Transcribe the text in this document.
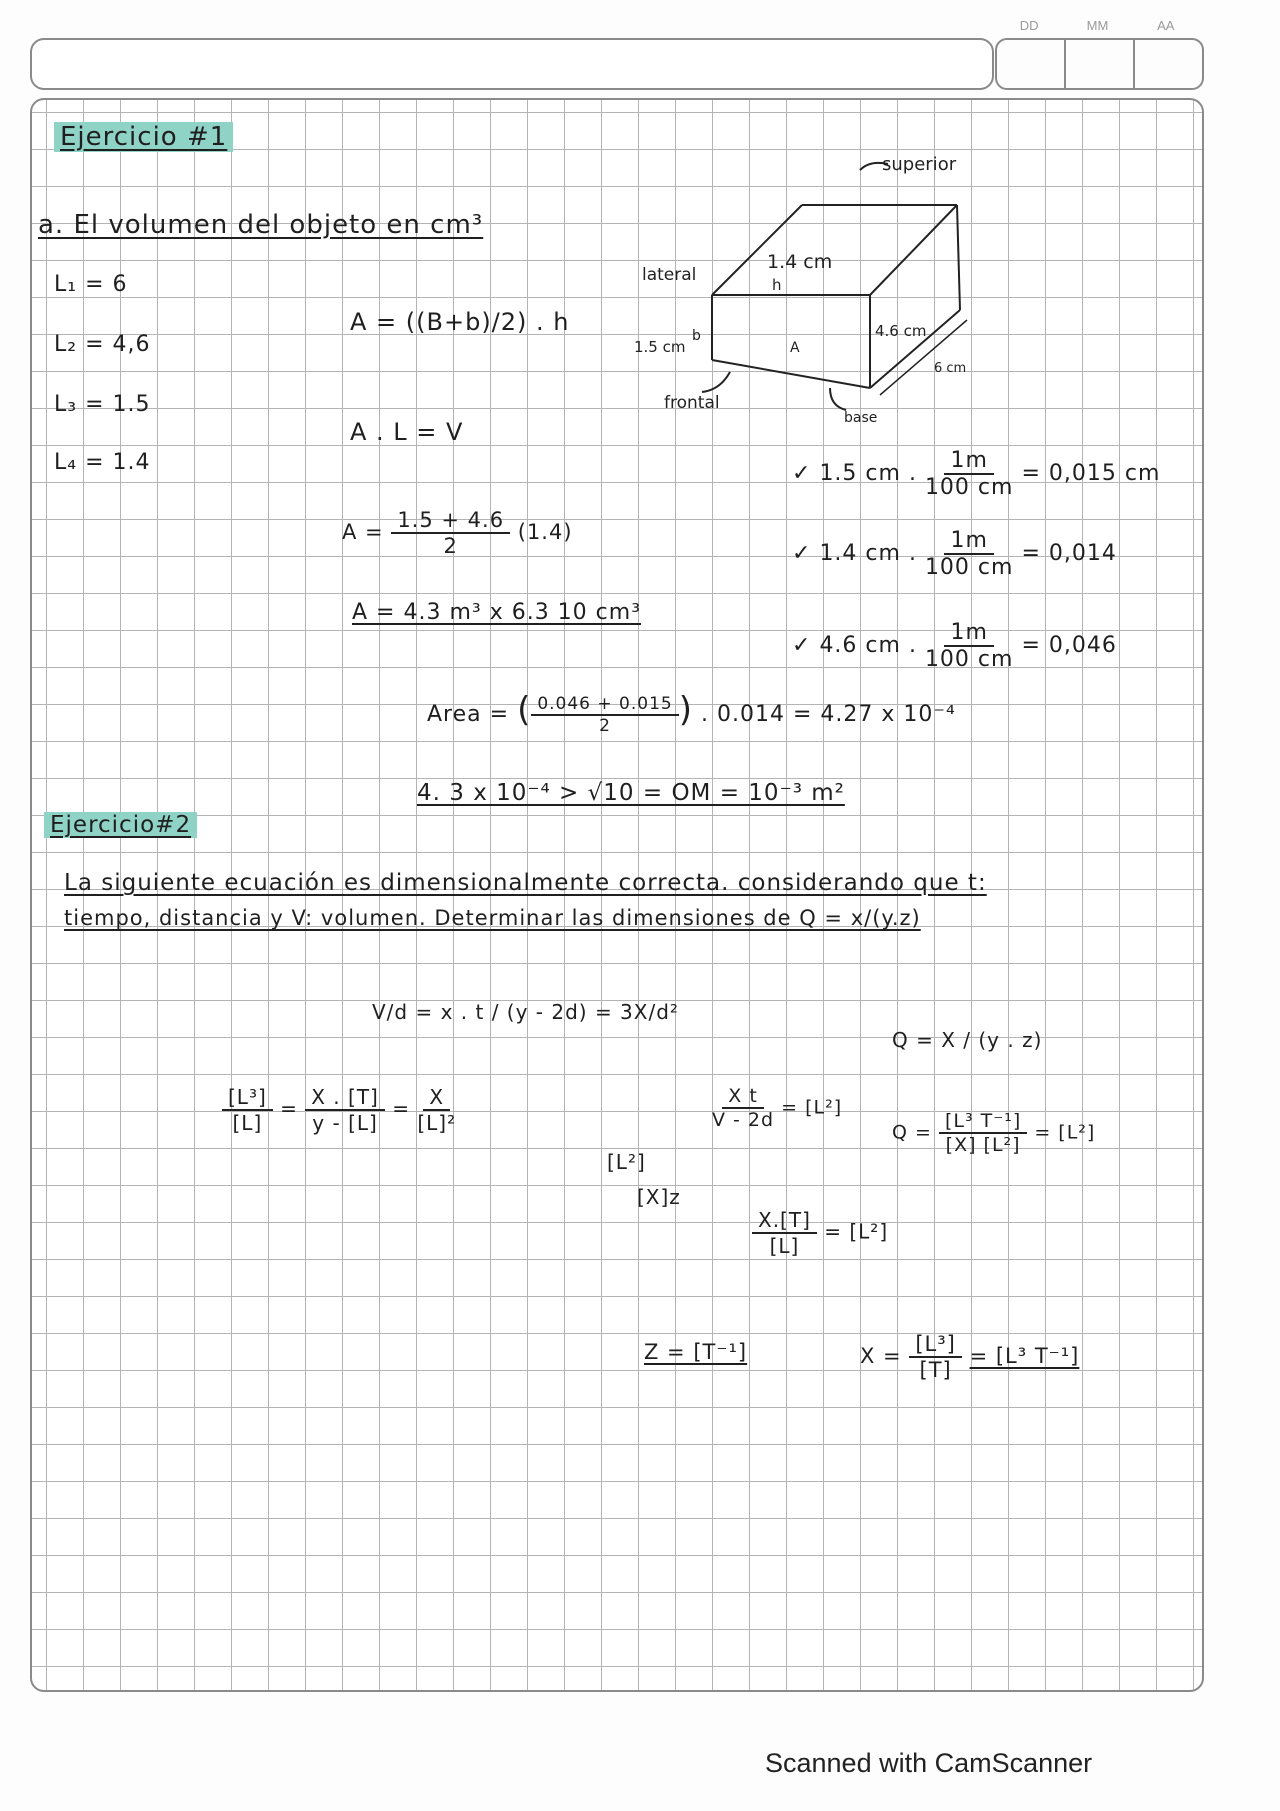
DD	MM	AA
Ejercicio #1
a. El volumen del objeto en cm³
L₁ = 6
L₂ = 4,6
L₃ = 1.5
L₄ = 1.4
A = ((B+b)/2) . h
A . L = V
$A = \frac{1.5 + 4.6}{2} (1.4)$
A = 4.3 m³ x 6.3 10 cm³
superior
lateral
1.4 cm
h
4.6 cm
6 cm
1.5 cm
b
A
frontal
base
✓ 1.5 cm . $\frac{1m}{100 cm} = 0,015$ cm
✓ 1.4 cm . $\frac{1m}{100 cm} = 0,014$
✓ 4.6 cm . $\frac{1m}{100 cm} = 0,046$
Area = ( $\frac{0.046 + 0.015}{2}$ ) . 0.014 = 4.27 x 10⁻⁴
4. 3 x 10⁻⁴ > √10 = OM = 10⁻³ m²
Ejercicio#2
La siguiente ecuación es dimensionalmente correcta. considerando que t:
tiempo, distancia y V: volumen. Determinar las dimensiones de Q = x/(y.z)
V/d = x . t / (y - 2d) = 3X/d²
Q = X / (y . z)
$\frac{\text{[L³]}}{[L]} = \frac{X . [T]}{y - [L]} = \frac{X}{\text{[L]²}}$	$\frac{\text{X t}}{V - 2d} = [L^2]$
$Q = \frac{\text{[L³ T⁻¹]}}{\text{[X] [L²]}} = [L^2]$
[L²]
[X]z
$\frac{X.[T]}{[L]} = [L^2]$
Z = [T⁻¹]	$X = \frac{\text{[L³]}}{[T]} = [L^3$ T⁻¹]
Scanned with CamScanner
